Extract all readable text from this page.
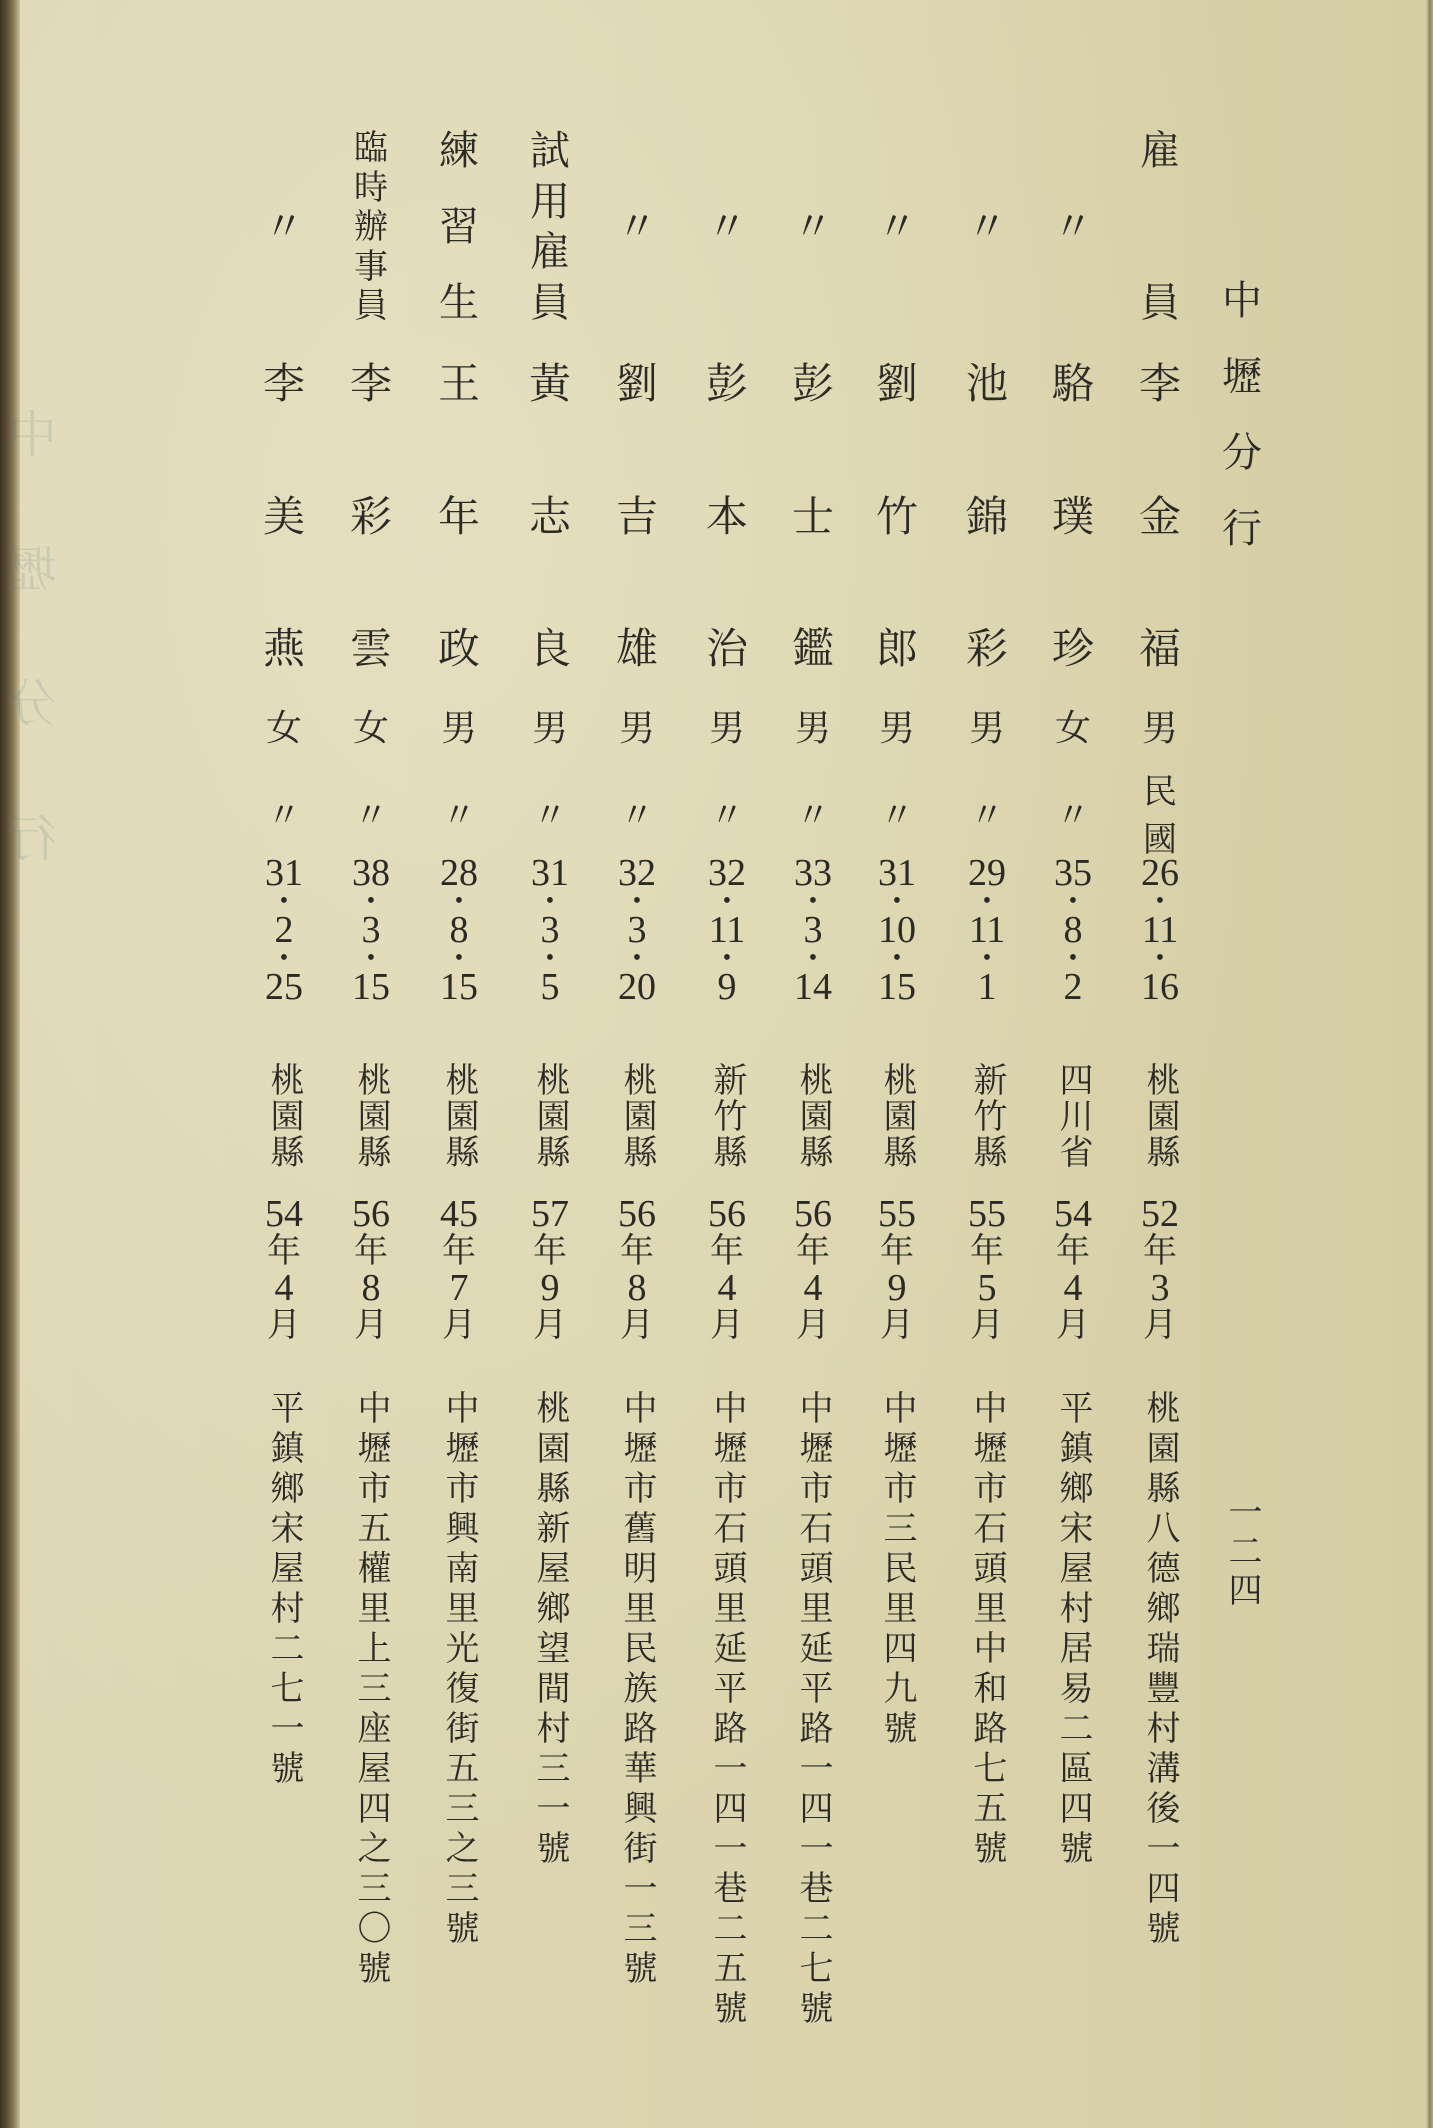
中
壢
分
行
中
壢
分
行
一二四
雇
員
李
金
福
男
民
國
26
•
11
•
16
桃園縣
52
年
3
月
桃園縣八德鄉瑞豐村溝後一四號
〃
駱
璞
珍
女
〃
35
•
8
•
2
四川省
54
年
4
月
平鎮鄉宋屋村居易二區四號
〃
池
錦
彩
男
〃
29
•
11
•
1
新竹縣
55
年
5
月
中壢市石頭里中和路七五號
〃
劉
竹
郎
男
〃
31
•
10
•
15
桃園縣
55
年
9
月
中壢市三民里四九號
〃
彭
士
鑑
男
〃
33
•
3
•
14
桃園縣
56
年
4
月
中壢市石頭里延平路一四一巷二七號
〃
彭
本
治
男
〃
32
•
11
•
9
新竹縣
56
年
4
月
中壢市石頭里延平路一四一巷二五號
〃
劉
吉
雄
男
〃
32
•
3
•
20
桃園縣
56
年
8
月
中壢市舊明里民族路華興街一三號
試
用
雇
員
黃
志
良
男
〃
31
•
3
•
5
桃園縣
57
年
9
月
桃園縣新屋鄉望間村三一號
練
習
生
王
年
政
男
〃
28
•
8
•
15
桃園縣
45
年
7
月
中壢市興南里光復街五三之三號
臨
時
辦
事
員
李
彩
雲
女
〃
38
•
3
•
15
桃園縣
56
年
8
月
中壢市五權里上三座屋四之三〇號
〃
李
美
燕
女
〃
31
•
2
•
25
桃園縣
54
年
4
月
平鎮鄉宋屋村二七一號
